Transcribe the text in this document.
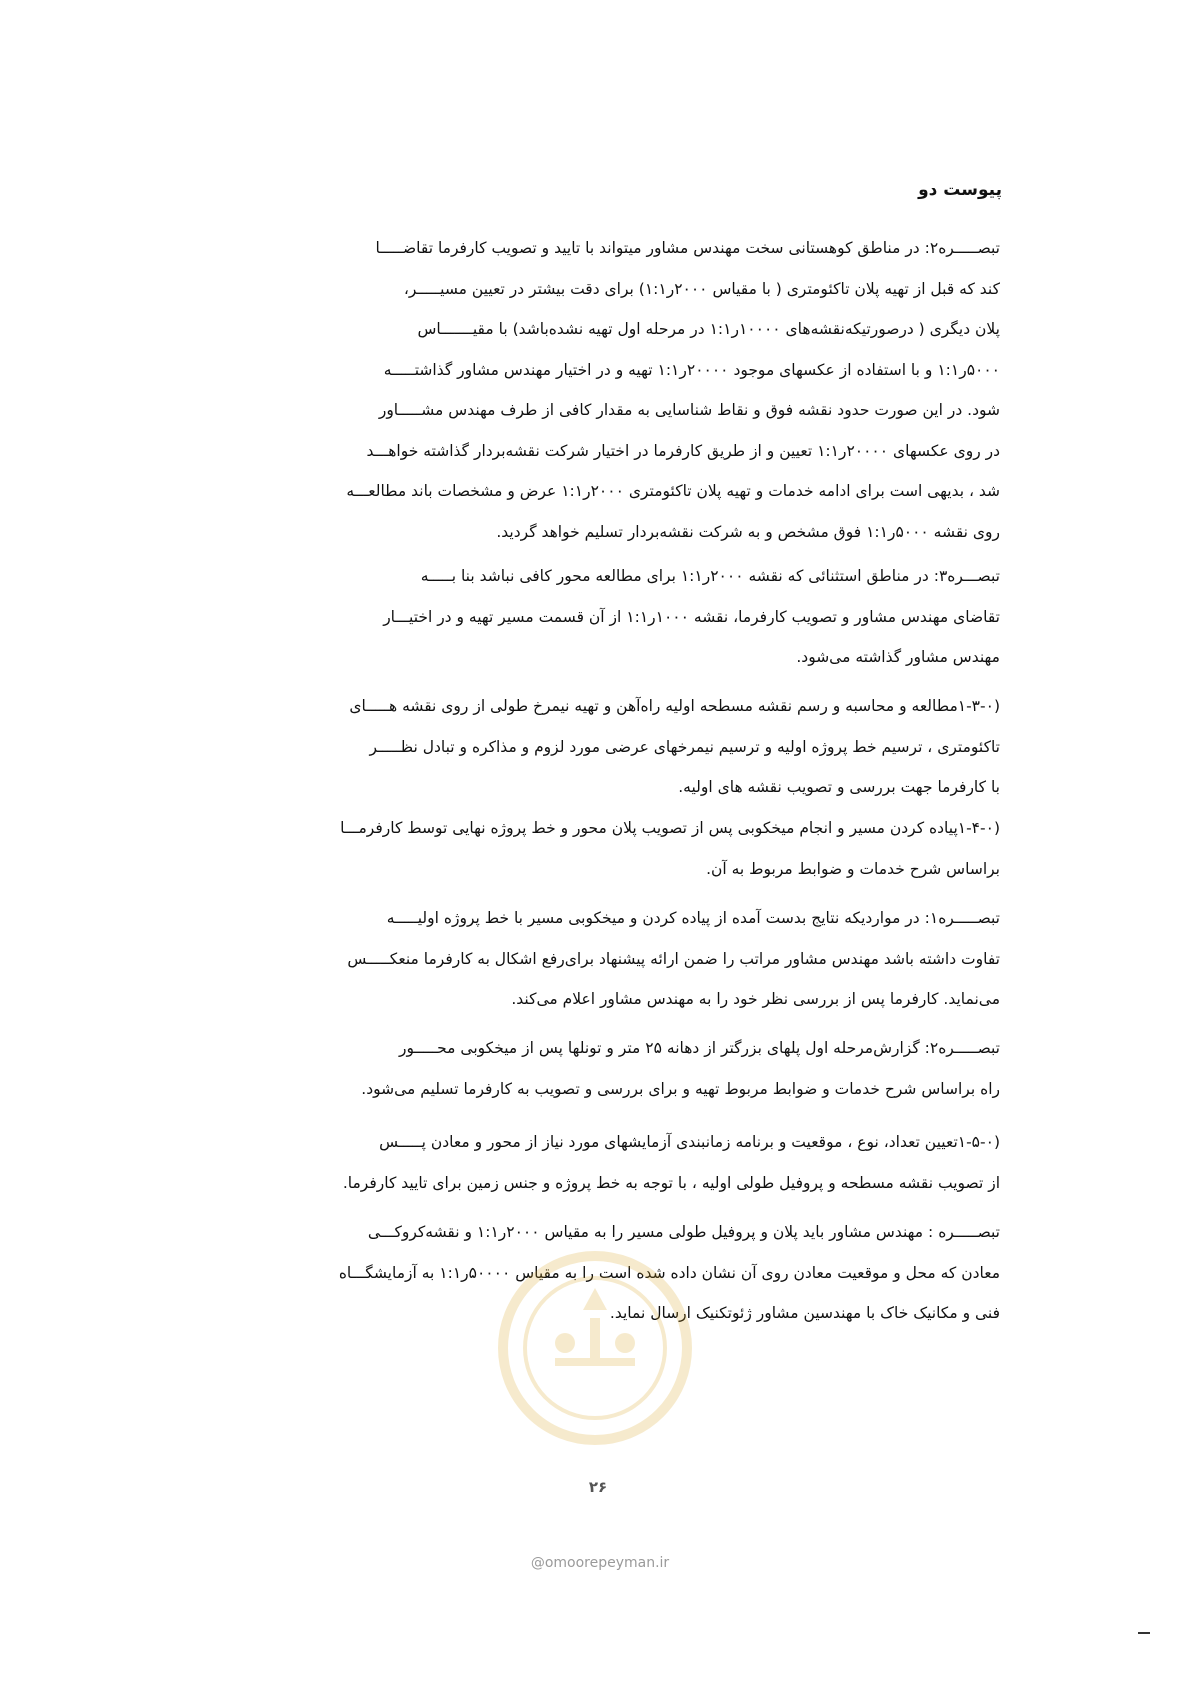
پیوست دو
تبصـــــره۲: در مناطق کوهستانی سخت مهندس مشاور میتواند با تایید و تصویب کارفرما تقاضـــــا
کند که قبل از تهیه پلان تاکئومتری ( با مقیاس ۲۰۰۰ر۱:۱) برای دقت بیشتر در تعیین مسیـــــر،
پلان دیگری ( درصورتیکه‌نقشه‌های ۱۰۰۰۰ر۱:۱ در مرحله اول تهیه نشده‌باشد) با مقیـــــــاس
۵۰۰۰ر۱:۱ و با استفاده از عکسهای موجود ۲۰۰۰۰ر۱:۱ تهیه و در اختیار مهندس مشاور گذاشتـــــه
شود. در این صورت حدود نقشه فوق و نقاط شناسایی به مقدار کافی از طرف مهندس مشـــــاور
در روی عکسهای ۲۰۰۰۰ر۱:۱ تعیین و از طریق کارفرما در اختیار شرکت نقشه‌بردار گذاشته خواهـــد
شد ، بدیهی است برای ادامه خدمات و تهیه پلان تاکئومتری ۲۰۰۰ر۱:۱ عرض و مشخصات باند مطالعـــه
روی نقشه ۵۰۰۰ر۱:۱ فوق مشخص و به شرکت نقشه‌بردار تسلیم خواهد گردید.
تبصـــره۳: در مناطق استثنائی که نقشه ۲۰۰۰ر۱:۱ برای مطالعه محور کافی نباشد بنا بـــــه
تقاضای مهندس مشاور و تصویب کارفرما، نقشه ۱۰۰۰ر۱:۱ از آن قسمت مسیر تهیه و در اختیـــار
مهندس مشاور گذاشته می‌شود.
(۱-۳-۰مطالعه و محاسبه و رسم نقشه مسطحه اولیه راه‌آهن و تهیه نیمرخ طولی از روی نقشه هـــــای
تاکئومتری ، ترسیم خط پروژه اولیه و ترسیم نیمرخهای عرضی مورد لزوم و مذاکره و تبادل نظـــــر
با کارفرما جهت بررسی و تصویب نقشه های اولیه.
(۱-۴-۰پیاده کردن مسیر و انجام میخکوبی پس از تصویب پلان محور و خط پروژه نهایی توسط کارفرمـــا
براساس شرح خدمات و ضوابط مربوط به آن.
تبصـــــره۱: در مواردیکه نتایج بدست آمده از پیاده کردن و میخکوبی مسیر با خط پروژه اولیـــــه
تفاوت داشته باشد مهندس مشاور مراتب را ضمن ارائه پیشنهاد برای‌رفع اشکال به کارفرما منعکـــــس
می‌نماید. کارفرما پس از بررسی نظر خود را به مهندس مشاور اعلام می‌کند.
تبصـــــره۲: گزارش‌مرحله اول پلهای بزرگتر از دهانه ۲۵ متر و تونلها پس از میخکوبی محـــــور
راه براساس شرح خدمات و ضوابط مربوط تهیه و برای بررسی و تصویب به کارفرما تسلیم می‌شود.
(۱-۵-۰تعیین تعداد، نوع ، موقعیت و برنامه زمانبندی آزمایشهای مورد نیاز از محور و معادن پـــــس
از تصویب نقشه مسطحه و پروفیل طولی اولیه ، با توجه به خط پروژه و جنس زمین برای تایید کارفرما.
تبصـــــره : مهندس مشاور باید پلان و پروفیل طولی مسیر را به مقیاس ۲۰۰۰ر۱:۱ و نقشه‌کروکـــی
معادن که محل و موقعیت معادن روی آن نشان داده شده است را به مقیاس ۵۰۰۰۰ر۱:۱ به آزمایشگـــاه
فنی و مکانیک خاک با مهندسین مشاور ژئوتکنیک ارسال نماید.
۲۶
@omoorepeyman.ir
